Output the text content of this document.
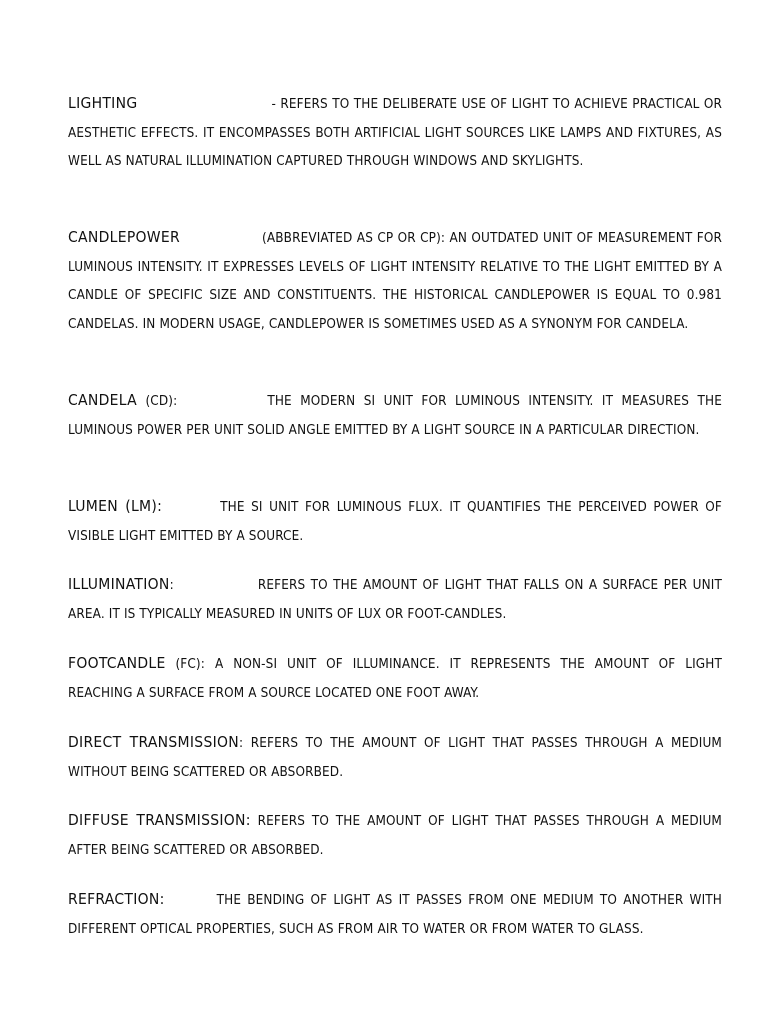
LIGHTING	- REFERS TO THE DELIBERATE USE OF LIGHT TO ACHIEVE PRACTICAL OR AESTHETIC EFFECTS. IT ENCOMPASSES BOTH ARTIFICIAL LIGHT SOURCES LIKE LAMPS AND FIXTURES, AS WELL AS NATURAL ILLUMINATION CAPTURED THROUGH WINDOWS AND SKYLIGHTS.
CANDLEPOWER	(ABBREVIATED AS CP OR CP): AN OUTDATED UNIT OF MEASUREMENT FOR LUMINOUS INTENSITY. IT EXPRESSES LEVELS OF LIGHT INTENSITY RELATIVE TO THE LIGHT EMITTED BY A CANDLE OF SPECIFIC SIZE AND CONSTITUENTS. THE HISTORICAL CANDLEPOWER IS EQUAL TO 0.981 CANDELAS. IN MODERN USAGE, CANDLEPOWER IS SOMETIMES USED AS A SYNONYM FOR CANDELA.
CANDELA (CD):	THE MODERN SI UNIT FOR LUMINOUS INTENSITY. IT MEASURES THE LUMINOUS POWER PER UNIT SOLID ANGLE EMITTED BY A LIGHT SOURCE IN A PARTICULAR DIRECTION.
LUMEN (LM):	THE SI UNIT FOR LUMINOUS FLUX. IT QUANTIFIES THE PERCEIVED POWER OF VISIBLE LIGHT EMITTED BY A SOURCE.
ILLUMINATION:	REFERS TO THE AMOUNT OF LIGHT THAT FALLS ON A SURFACE PER UNIT AREA. IT IS TYPICALLY MEASURED IN UNITS OF LUX OR FOOT-CANDLES.
FOOTCANDLE (FC): A NON-SI UNIT OF ILLUMINANCE. IT REPRESENTS THE AMOUNT OF LIGHT REACHING A SURFACE FROM A SOURCE LOCATED ONE FOOT AWAY.
DIRECT TRANSMISSION: REFERS TO THE AMOUNT OF LIGHT THAT PASSES THROUGH A MEDIUM WITHOUT BEING SCATTERED OR ABSORBED.
DIFFUSE TRANSMISSION: REFERS TO THE AMOUNT OF LIGHT THAT PASSES THROUGH A MEDIUM AFTER BEING SCATTERED OR ABSORBED.
REFRACTION:	THE BENDING OF LIGHT AS IT PASSES FROM ONE MEDIUM TO ANOTHER WITH DIFFERENT OPTICAL PROPERTIES, SUCH AS FROM AIR TO WATER OR FROM WATER TO GLASS.
